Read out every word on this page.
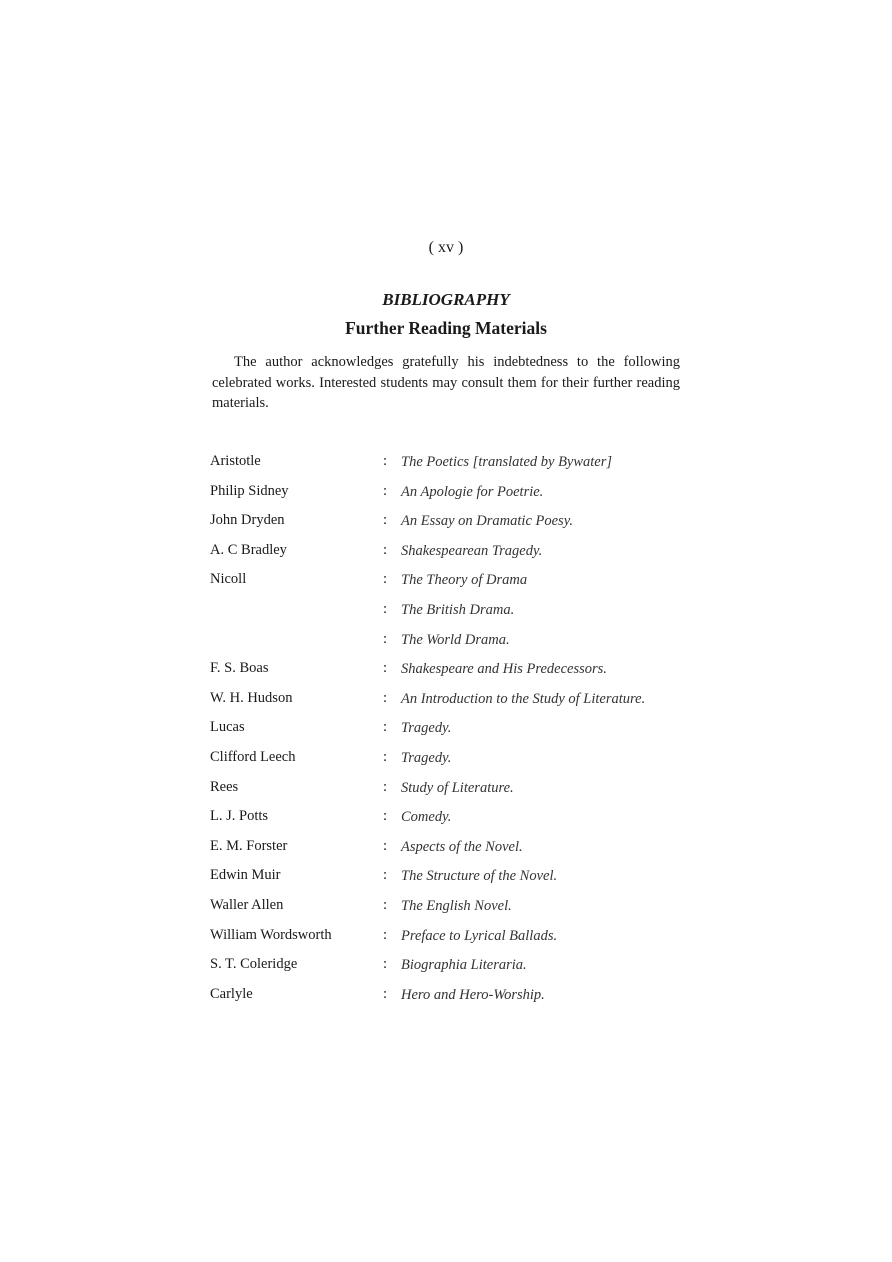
( xv )
BIBLIOGRAPHY
Further Reading Materials

The author acknowledges gratefully his indebtedness to the following celebrated works. Interested students may consult them for their further reading materials.

Aristotle	: The Poetics [translated by Bywater]
Philip Sidney	: An Apologie for Poetrie.
John Dryden	: An Essay on Dramatic Poesy.
A. C Bradley	: Shakespearean Tragedy.
Nicoll	: The Theory of Drama
: The British Drama.
: The World Drama.
F. S. Boas	: Shakespeare and His Predecessors.
W. H. Hudson	: An Introduction to the Study of Literature.
Lucas	: Tragedy.
Clifford Leech	: Tragedy.
Rees	: Study of Literature.
L. J. Potts	: Comedy.
E. M. Forster	: Aspects of the Novel.
Edwin Muir	: The Structure of the Novel.
Waller Allen	: The English Novel.
William Wordsworth	: Preface to Lyrical Ballads.
S. T. Coleridge	: Biographia Literaria.
Carlyle	: Hero and Hero-Worship.
